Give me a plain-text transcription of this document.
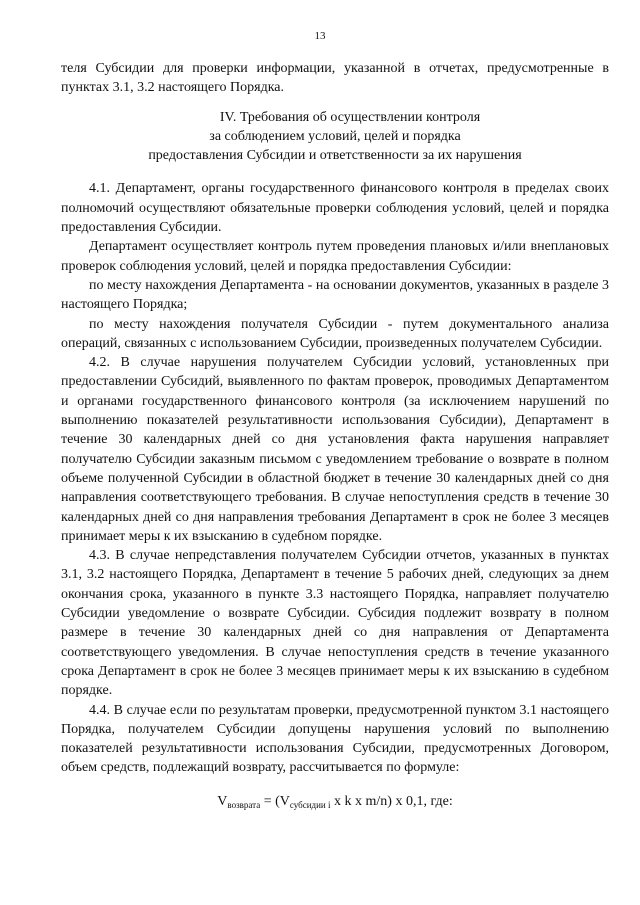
13

теля Субсидии для проверки информации, указанной в отчетах, предусмотренные в пунктах 3.1, 3.2 настоящего Порядка.

IV. Требования об осуществлении контроля
за соблюдением условий, целей и порядка
предоставления Субсидии и ответственности за их нарушения

4.1. Департамент, органы государственного финансового контроля в пределах своих полномочий осуществляют обязательные проверки соблюдения условий, целей и порядка предоставления Субсидии.

Департамент осуществляет контроль путем проведения плановых и/или внеплановых проверок соблюдения условий, целей и порядка предоставления Субсидии:

по месту нахождения Департамента - на основании документов, указанных в разделе 3 настоящего Порядка;

по месту нахождения получателя Субсидии - путем документального анализа операций, связанных с использованием Субсидии, произведенных получателем Субсидии.

4.2. В случае нарушения получателем Субсидии условий, установленных при предоставлении Субсидий, выявленного по фактам проверок, проводимых Департаментом и органами государственного финансового контроля (за исключением нарушений по выполнению показателей результативности использования Субсидии), Департамент в течение 30 календарных дней со дня установления факта нарушения направляет получателю Субсидии заказным письмом с уведомлением требование о возврате в полном объеме полученной Субсидии в областной бюджет в течение 30 календарных дней со дня направления соответствующего требования. В случае непоступления средств в течение 30 календарных дней со дня направления требования Департамент в срок не более 3 месяцев принимает меры к их взысканию в судебном порядке.

4.3. В случае непредставления получателем Субсидии отчетов, указанных в пунктах 3.1, 3.2 настоящего Порядка, Департамент в течение 5 рабочих дней, следующих за днем окончания срока, указанного в пункте 3.3 настоящего Порядка, направляет получателю Субсидии уведомление о возврате Субсидии. Субсидия подлежит возврату в полном размере в течение 30 календарных дней со дня направления от Департамента соответствующего уведомления. В случае непоступления средств в течение указанного срока Департамент в срок не более 3 месяцев принимает меры к их взысканию в судебном порядке.

4.4. В случае если по результатам проверки, предусмотренной пунктом 3.1 настоящего Порядка, получателем Субсидии допущены нарушения условий по выполнению показателей результативности использования Субсидии, предусмотренных Договором, объем средств, подлежащий возврату, рассчитывается по формуле:

$V_{возврата} = (V_{субсидии i}$ x k x m/n) x 0,1, где:
